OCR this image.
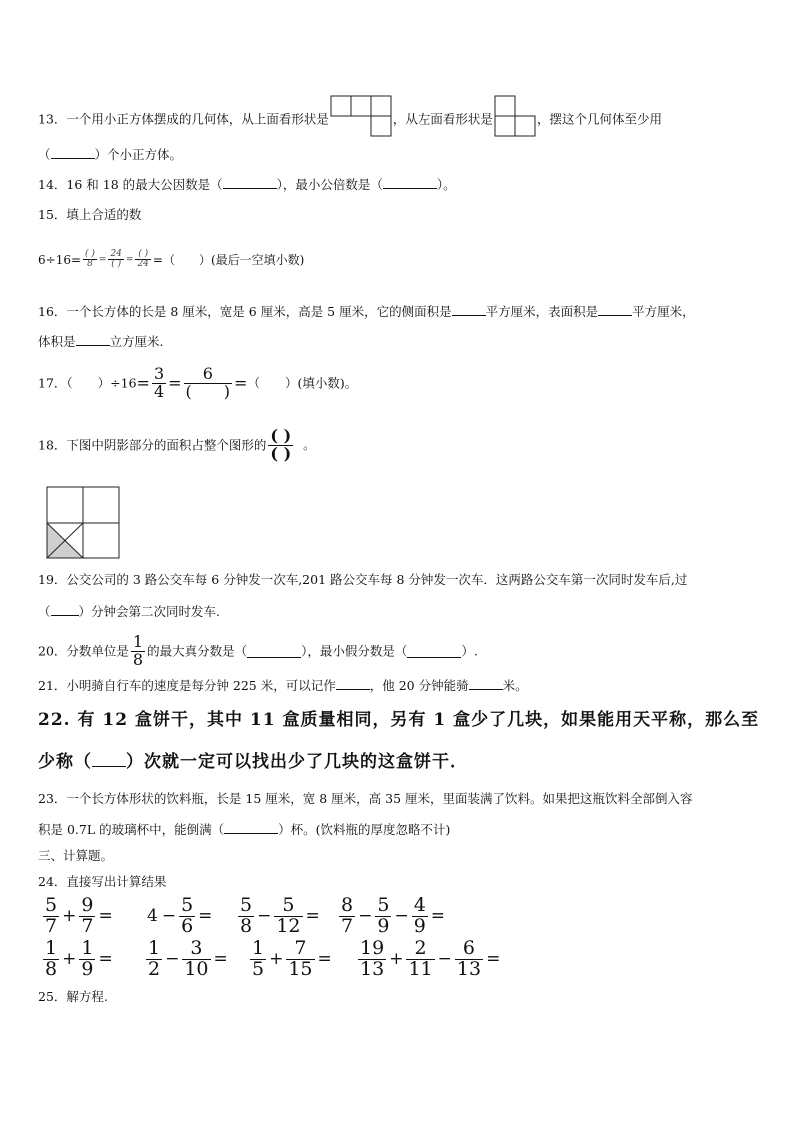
13．一个用小正方体摆成的几何体，从上面看形状是	，从左面看形状是	，摆这个几何体至少用
（	）个小正方体。
14．16 和 18 的最大公因数是（	），最小公倍数是（	）。
15．填上合适的数
$6\div 16= \frac{( )}{8} = \frac{24}{( )} = \frac{( )}{24}$ =（　　）(最后一空填小数)
16．一个长方体的长是 8 厘米，宽是 6 厘米，高是 5 厘米，它的侧面积是	平方厘米，表面积是	平方厘米，
体积是	立方厘米.
17．（　　）$\div 16= \frac{3}{4} = \frac{6}{( )}$ =（　　）(填小数)。
18．下图中阴影部分的面积占整个图形的 $\frac{( )}{( )}$ 。
19．公交公司的 3 路公交车每 6 分钟发一次车,201 路公交车每 8 分钟发一次车．这两路公交车第一次同时发车后,过
（ ）分钟会第二次同时发车.
20．分数单位是 $\frac{1}{8}$ 的最大真分数是（	），最小假分数是（	）.
21．小明骑自行车的速度是每分钟 225 米，可以记作	，他 20 分钟能骑	米。
22. 有 12 盒饼干，其中 11 盒质量相同，另有 1 盒少了几块，如果能用天平称，那么至
少称（ ）次就一定可以找出少了几块的这盒饼干．
23．一个长方体形状的饮料瓶，长是 15 厘米，宽 8 厘米，高 35 厘米，里面装满了饮料。如果把这瓶饮料全部倒入容
积是 0.7L 的玻璃杯中，能倒满（	）杯。(饮料瓶的厚度忽略不计)
三、计算题。
24．直接写出计算结果
$\frac{5}{7} + \frac{9}{7} = 4 - \frac{5}{6} = \frac{5}{8} - \frac{5}{12} = \frac{8}{7} - \frac{5}{9} - \frac{4}{9}$ =
$\frac{1}{8} + \frac{1}{9} = \frac{1}{2} - \frac{3}{10} = \frac{1}{5} + \frac{7}{15} = \frac{19}{13} + \frac{2}{11} - \frac{6}{13}$ =
25．解方程.
